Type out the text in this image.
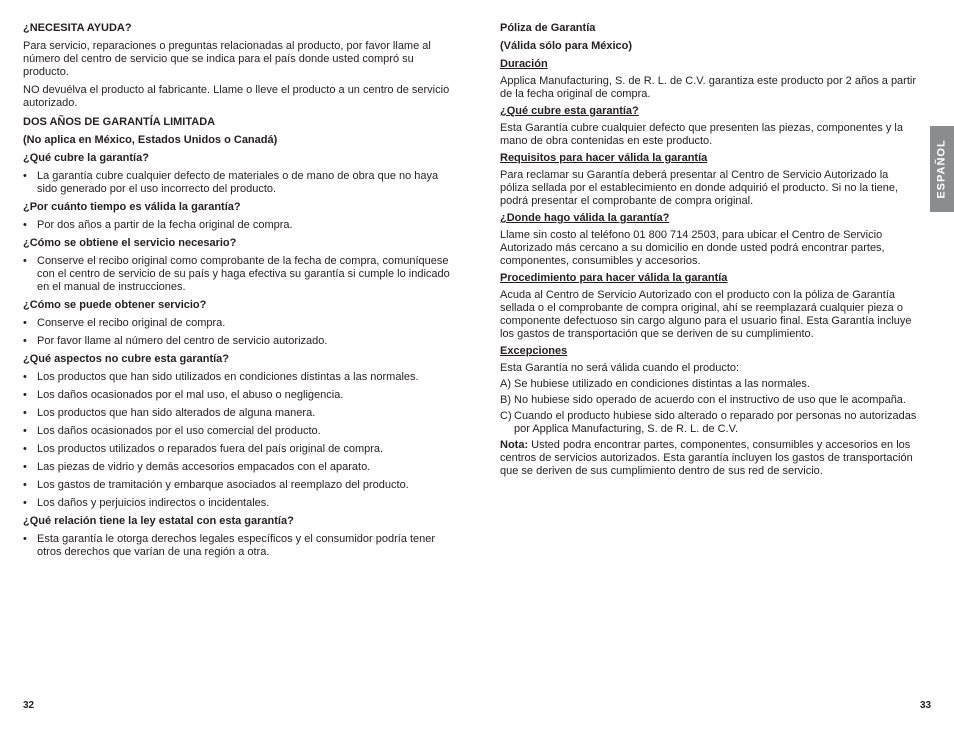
¿NECESITA AYUDA?

Para servicio, reparaciones o preguntas relacionadas al producto, por favor llame al número del centro de servicio que se indica para el país donde usted compró su producto.

NO devuélva el producto al fabricante. Llame o lleve el producto a un centro de servicio autorizado.

DOS AÑOS DE GARANTÍA LIMITADA

(No aplica en México, Estados Unidos o Canadá)

¿Qué cubre la garantía?

• La garantía cubre cualquier defecto de materiales o de mano de obra que no haya sido generado por el uso incorrecto del producto.

¿Por cuánto tiempo es válida la garantía?

• Por dos años a partir de la fecha original de compra.

¿Cómo se obtiene el servicio necesario?

• Conserve el recibo original como comprobante de la fecha de compra, comuníquese con el centro de servicio de su país y haga efectiva su garantía si cumple lo indicado en el manual de instrucciones.

¿Cómo se puede obtener servicio?

• Conserve el recibo original de compra.

• Por favor llame al número del centro de servicio autorizado.

¿Qué aspectos no cubre esta garantía?

• Los productos que han sido utilizados en condiciones distintas a las normales.

• Los daños ocasionados por el mal uso, el abuso o negligencia.

• Los productos que han sido alterados de alguna manera.

• Los daños ocasionados por el uso comercial del producto.

• Los productos utilizados o reparados fuera del país original de compra.

• Las piezas de vidrio y demás accesorios empacados con el aparato.

• Los gastos de tramitación y embarque asociados al reemplazo del producto.

• Los daños y perjuicios indirectos o incidentales.

¿Qué relación tiene la ley estatal con esta garantía?

• Esta garantía le otorga derechos legales específicos y el consumidor podría tener otros derechos que varían de una región a otra.

Póliza de Garantía

(Válida sólo para México)

Duración

Applica Manufacturing, S. de R. L. de C.V. garantiza este producto por 2 años a partir de la fecha original de compra.

¿Qué cubre esta garantía?

Esta Garantía cubre cualquier defecto que presenten las piezas, componentes y la mano de obra contenidas en este producto.

Requisitos para hacer válida la garantía

Para reclamar su Garantía deberá presentar al Centro de Servicio Autorizado la póliza sellada por el establecimiento en donde adquirió el producto. Si no la tiene, podrá presentar el comprobante de compra original.

¿Donde hago válida la garantía?

Llame sin costo al teléfono 01 800 714 2503, para ubicar el Centro de Servicio Autorizado más cercano a su domicilio en donde usted podrá encontrar partes, componentes, consumibles y accesorios.

Procedimiento para hacer válida la garantía

Acuda al Centro de Servicio Autorizado con el producto con la póliza de Garantía sellada o el comprobante de compra original, ahí se reemplazará cualquier pieza o componente defectuoso sin cargo alguno para el usuario final. Esta Garantía incluye los gastos de transportación que se deriven de su cumplimiento.

Excepciones

Esta Garantía no será válida cuando el producto:

A) Se hubiese utilizado en condiciones distintas a las normales.

B) No hubiese sido operado de acuerdo con el instructivo de uso que le acompaña.

C) Cuando el producto hubiese sido alterado o reparado por personas no autorizadas por Applica Manufacturing, S. de R. L. de C.V.

Nota: Usted podra encontrar partes, componentes, consumibles y accesorios en los centros de servicios autorizados. Esta garantía incluyen los gastos de transportación que se deriven de sus cumplimiento dentro de sus red de servicio.

ESPAÑOL
32	33
